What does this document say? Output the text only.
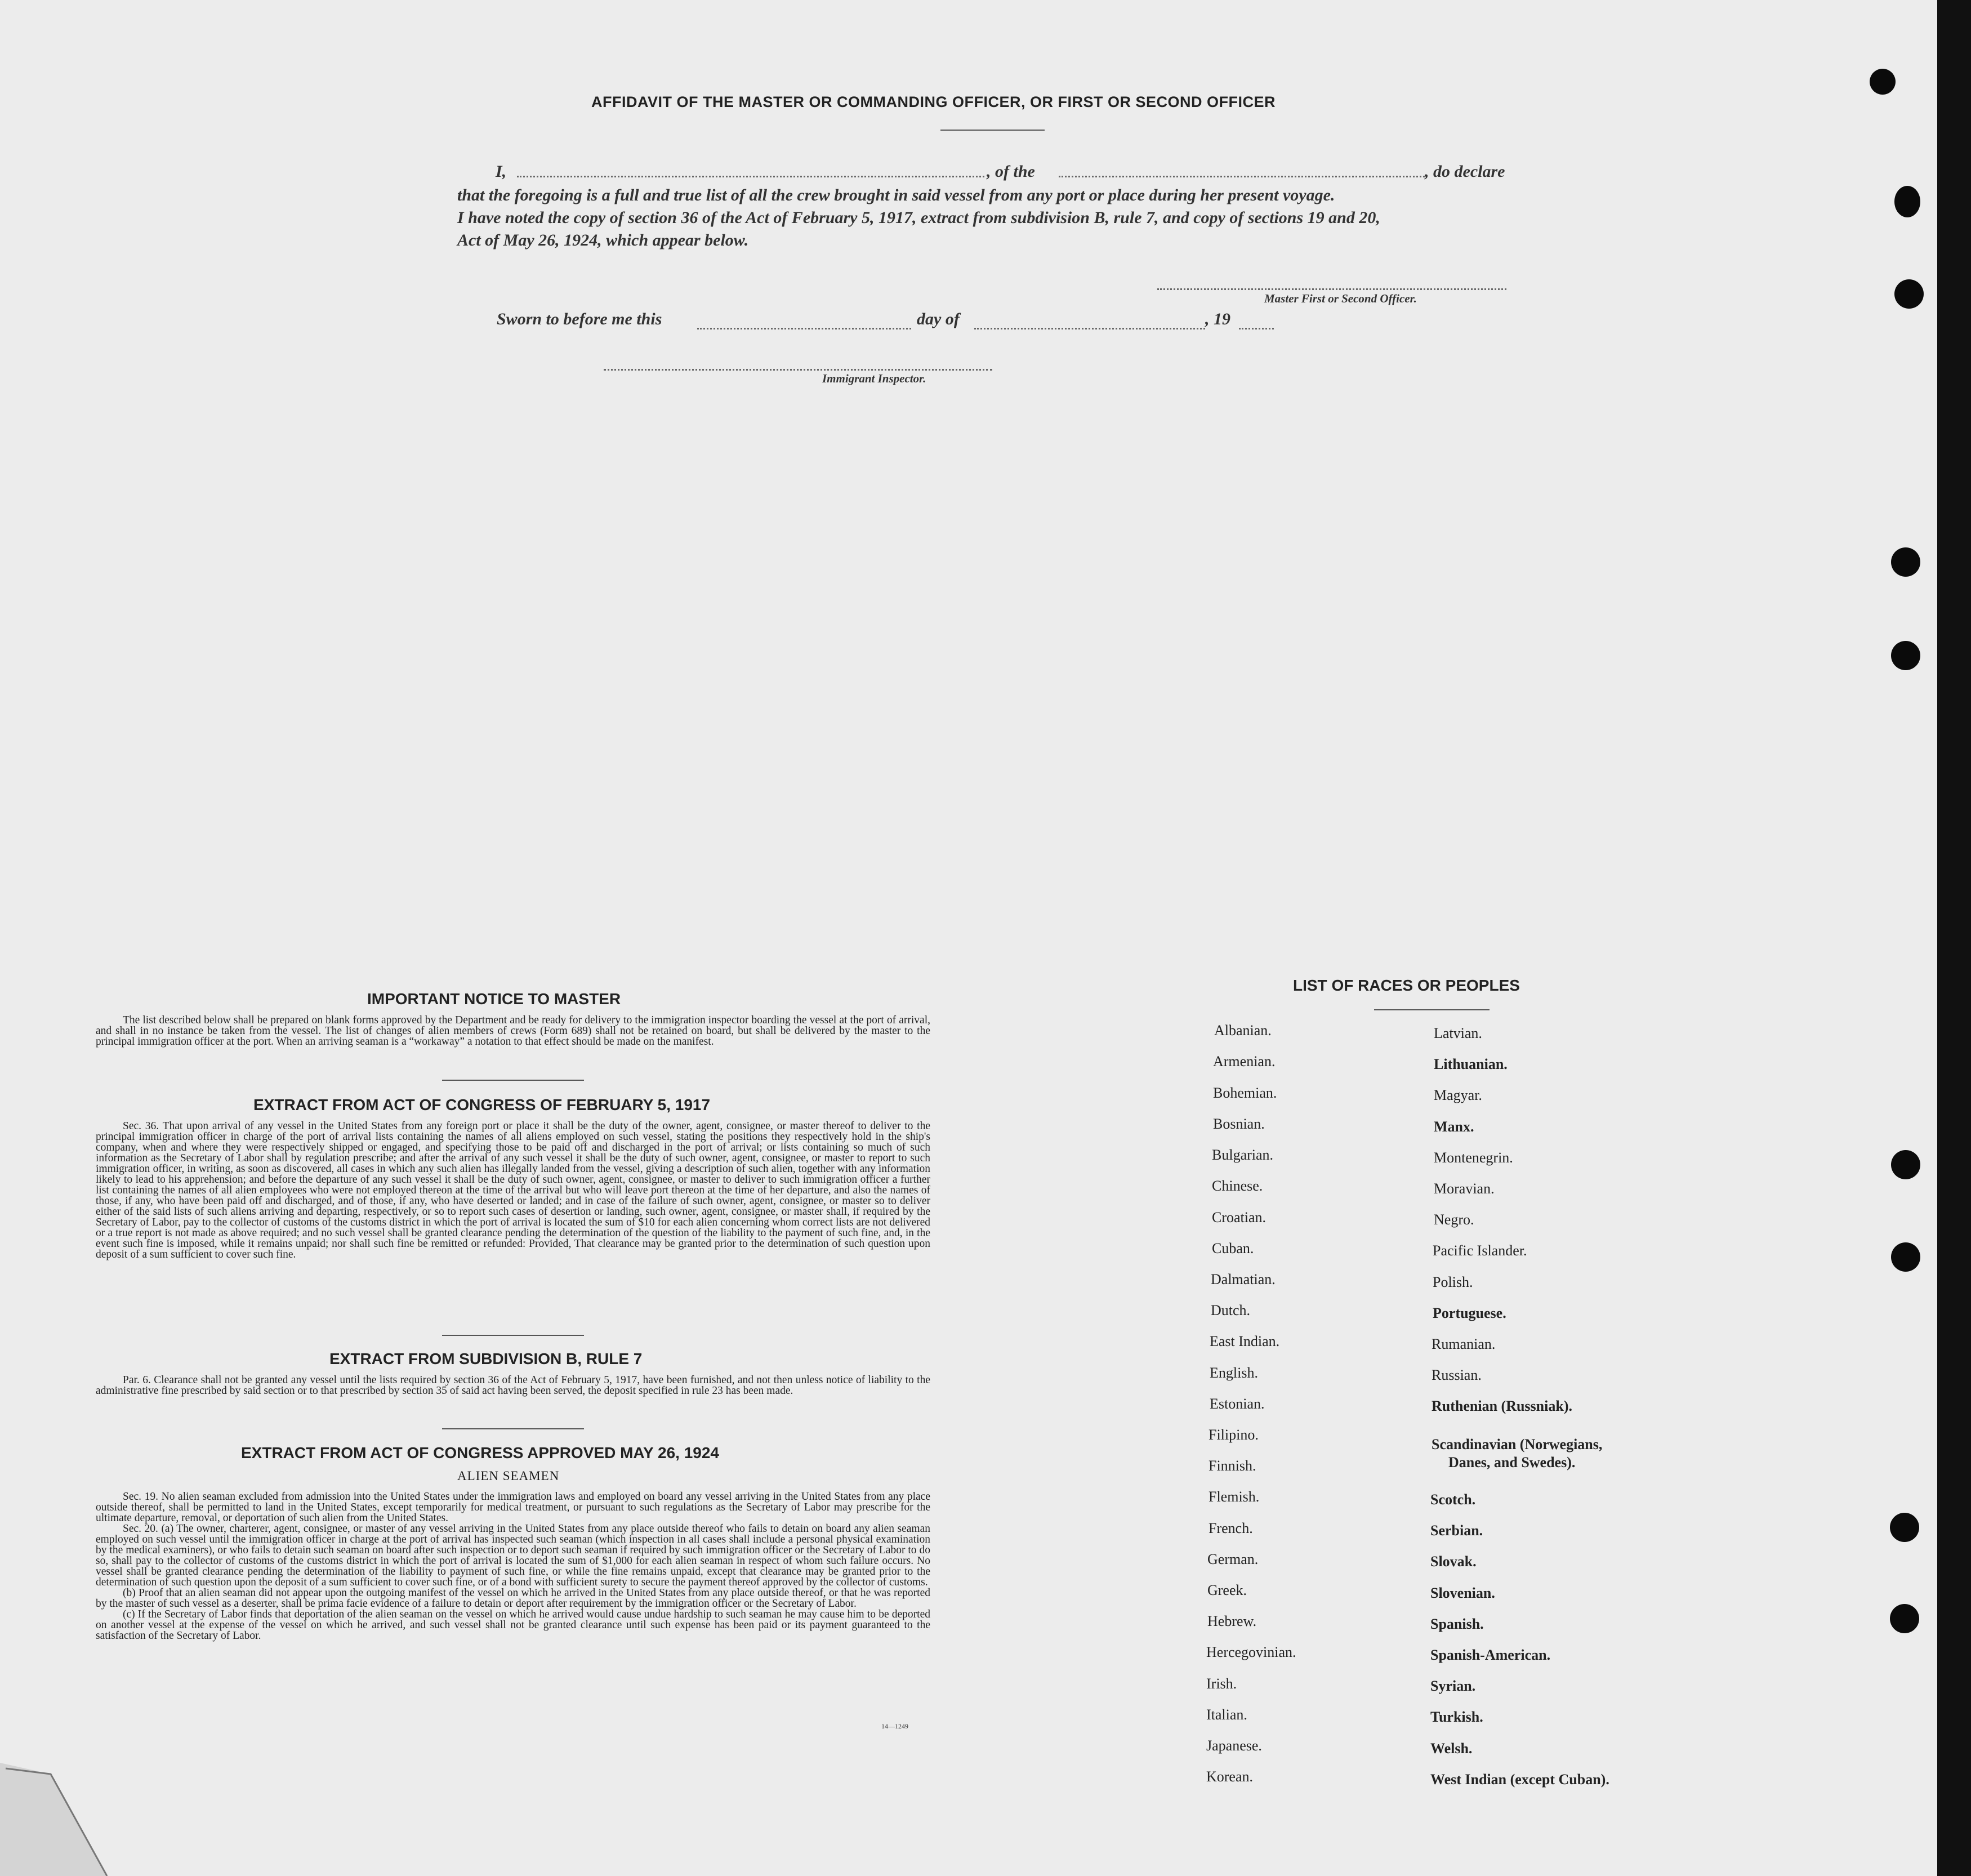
AFFIDAVIT OF THE MASTER OR COMMANDING OFFICER, OR FIRST OR SECOND OFFICER
I,	, of the	, do declare
that the foregoing is a full and true list of all the crew brought in said vessel from any port or place during her present voyage.
I have noted the copy of section 36 of the Act of February 5, 1917, extract from subdivision B, rule 7, and copy of sections 19 and 20,
Act of May 26, 1924, which appear below.
Master First or Second Officer.
Sworn to before me this	day of	, 19
Immigrant Inspector.
IMPORTANT NOTICE TO MASTER
The list described below shall be prepared on blank forms approved by the Department and be ready for delivery to the immigration inspector boarding the vessel at the port of arrival, and shall in no instance be taken from the vessel. The list of changes of alien members of crews (Form 689) shall not be retained on board, but shall be delivered by the master to the principal immigration officer at the port. When an arriving seaman is a “workaway” a notation to that effect should be made on the manifest.
EXTRACT FROM ACT OF CONGRESS OF FEBRUARY 5, 1917
Sec. 36. That upon arrival of any vessel in the United States from any foreign port or place it shall be the duty of the owner, agent, consignee, or master thereof to deliver to the principal immigration officer in charge of the port of arrival lists containing the names of all aliens employed on such vessel, stating the positions they respectively hold in the ship's company, when and where they were respectively shipped or engaged, and specifying those to be paid off and discharged in the port of arrival; or lists containing so much of such information as the Secretary of Labor shall by regulation prescribe; and after the arrival of any such vessel it shall be the duty of such owner, agent, consignee, or master to report to such immigration officer, in writing, as soon as discovered, all cases in which any such alien has illegally landed from the vessel, giving a description of such alien, together with any information likely to lead to his apprehension; and before the departure of any such vessel it shall be the duty of such owner, agent, consignee, or master to deliver to such immigration officer a further list containing the names of all alien employees who were not employed thereon at the time of the arrival but who will leave port thereon at the time of her departure, and also the names of those, if any, who have been paid off and discharged, and of those, if any, who have deserted or landed; and in case of the failure of such owner, agent, consignee, or master so to deliver either of the said lists of such aliens arriving and departing, respectively, or so to report such cases of desertion or landing, such owner, agent, consignee, or master shall, if required by the Secretary of Labor, pay to the collector of customs of the customs district in which the port of arrival is located the sum of $10 for each alien concerning whom correct lists are not delivered or a true report is not made as above required; and no such vessel shall be granted clearance pending the determination of the question of the liability to the payment of such fine, and, in the event such fine is imposed, while it remains unpaid; nor shall such fine be remitted or refunded: Provided, That clearance may be granted prior to the determination of such question upon deposit of a sum sufficient to cover such fine.
EXTRACT FROM SUBDIVISION B, RULE 7
Par. 6. Clearance shall not be granted any vessel until the lists required by section 36 of the Act of February 5, 1917, have been furnished, and not then unless notice of liability to the administrative fine prescribed by said section or to that prescribed by section 35 of said act having been served, the deposit specified in rule 23 has been made.
EXTRACT FROM ACT OF CONGRESS APPROVED MAY 26, 1924
ALIEN SEAMEN
Sec. 19. No alien seaman excluded from admission into the United States under the immigration laws and employed on board any vessel arriving in the United States from any place outside thereof, shall be permitted to land in the United States, except temporarily for medical treatment, or pursuant to such regulations as the Secretary of Labor may prescribe for the ultimate departure, removal, or deportation of such alien from the United States.
Sec. 20. (a) The owner, charterer, agent, consignee, or master of any vessel arriving in the United States from any place outside thereof who fails to detain on board any alien seaman employed on such vessel until the immigration officer in charge at the port of arrival has inspected such seaman (which inspection in all cases shall include a personal physical examination by the medical examiners), or who fails to detain such seaman on board after such inspection or to deport such seaman if required by such immigration officer or the Secretary of Labor to do so, shall pay to the collector of customs of the customs district in which the port of arrival is located the sum of $1,000 for each alien seaman in respect of whom such failure occurs. No vessel shall be granted clearance pending the determination of the liability to payment of such fine, or while the fine remains unpaid, except that clearance may be granted prior to the determination of such question upon the deposit of a sum sufficient to cover such fine, or of a bond with sufficient surety to secure the payment thereof approved by the collector of customs.
(b) Proof that an alien seaman did not appear upon the outgoing manifest of the vessel on which he arrived in the United States from any place outside thereof, or that he was reported by the master of such vessel as a deserter, shall be prima facie evidence of a failure to detain or deport after requirement by the immigration officer or the Secretary of Labor.
(c) If the Secretary of Labor finds that deportation of the alien seaman on the vessel on which he arrived would cause undue hardship to such seaman he may cause him to be deported on another vessel at the expense of the vessel on which he arrived, and such vessel shall not be granted clearance until such expense has been paid or its payment guaranteed to the satisfaction of the Secretary of Labor.
14—1249
LIST OF RACES OR PEOPLES
Albanian.
Armenian.
Bohemian.
Bosnian.
Bulgarian.
Chinese.
Croatian.
Cuban.
Dalmatian.
Dutch.
East Indian.
English.
Estonian.
Filipino.
Finnish.
Flemish.
French.
German.
Greek.
Hebrew.
Hercegovinian.
Irish.
Italian.
Japanese.
Korean.
Latvian.
Lithuanian.
Magyar.
Manx.
Montenegrin.
Moravian.
Negro.
Pacific Islander.
Polish.
Portuguese.
Rumanian.
Russian.
Ruthenian (Russniak).
Scandinavian (Norwegians,
Danes, and Swedes).
Scotch.
Serbian.
Slovak.
Slovenian.
Spanish.
Spanish-American.
Syrian.
Turkish.
Welsh.
West Indian (except Cuban).
